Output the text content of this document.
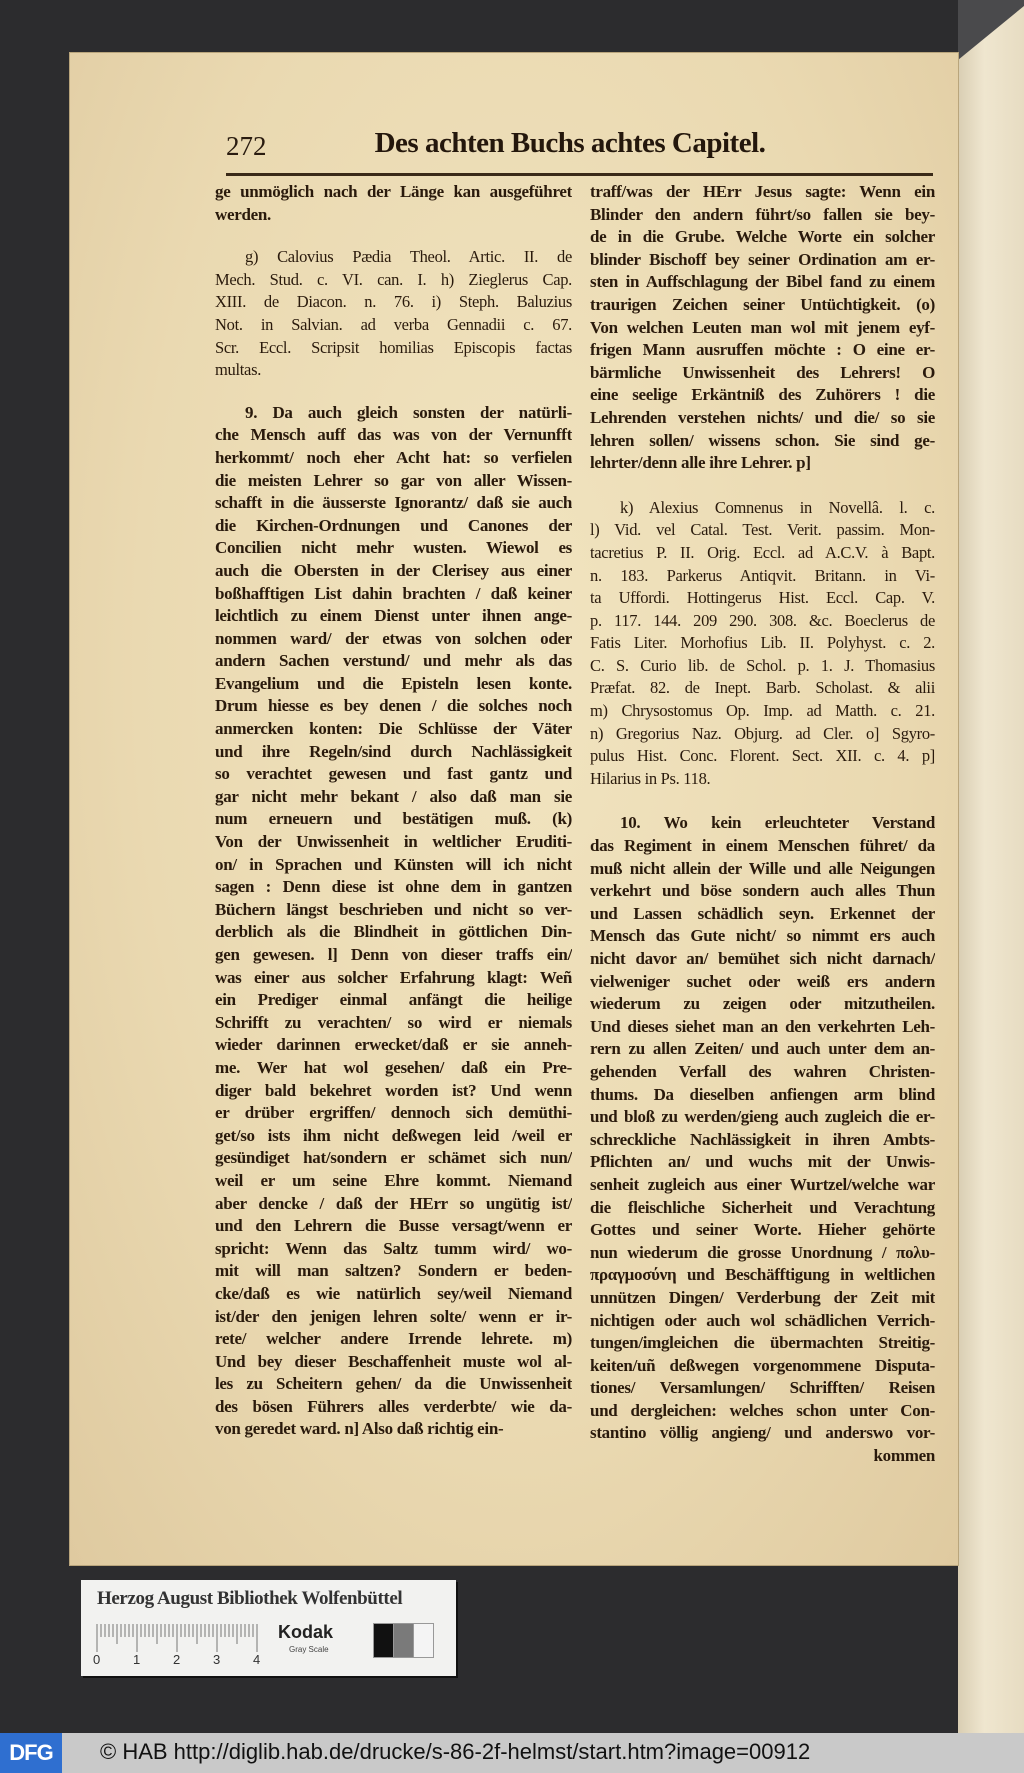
272	Des achten Buchs achtes Capitel.
ge unmöglich nach der Länge kan ausgeführet
werden.
g) Calovius Pædia Theol. Artic. II. de
Mech. Stud. c. VI. can. I. h) Zieglerus Cap.
XIII. de Diacon. n. 76. i) Steph. Baluzius
Not. in Salvian. ad verba Gennadii c. 67.
Scr. Eccl. Scripsit homilias Episcopis factas
multas.
9. Da auch gleich sonsten der natürli-
che Mensch auff das was von der Vernunfft
herkommt/ noch eher Acht hat: so verfielen
die meisten Lehrer so gar von aller Wissen-
schafft in die äusserste Ignorantz/ daß sie auch
die Kirchen-Ordnungen und Canones der
Concilien nicht mehr wusten. Wiewol es
auch die Obersten in der Clerisey aus einer
boßhafftigen List dahin brachten / daß keiner
leichtlich zu einem Dienst unter ihnen ange-
nommen ward/ der etwas von solchen oder
andern Sachen verstund/ und mehr als das
Evangelium und die Episteln lesen konte.
Drum hiesse es bey denen / die solches noch
anmercken konten: Die Schlüsse der Väter
und ihre Regeln/sind durch Nachlässigkeit
so verachtet gewesen und fast gantz und
gar nicht mehr bekant / also daß man sie
num erneuern und bestätigen muß. (k)
Von der Unwissenheit in weltlicher Eruditi-
on/ in Sprachen und Künsten will ich nicht
sagen : Denn diese ist ohne dem in gantzen
Büchern längst beschrieben und nicht so ver-
derblich als die Blindheit in göttlichen Din-
gen gewesen. l] Denn von dieser traffs ein/
was einer aus solcher Erfahrung klagt: Weñ
ein Prediger einmal anfängt die heilige
Schrifft zu verachten/ so wird er niemals
wieder darinnen erwecket/daß er sie anneh-
me. Wer hat wol gesehen/ daß ein Pre-
diger bald bekehret worden ist? Und wenn
er drüber ergriffen/ dennoch sich demüthi-
get/so ists ihm nicht deßwegen leid /weil er
gesündiget hat/sondern er schämet sich nun/
weil er um seine Ehre kommt. Niemand
aber dencke / daß der HErr so ungütig ist/
und den Lehrern die Busse versagt/wenn er
spricht: Wenn das Saltz tumm wird/ wo-
mit will man saltzen? Sondern er beden-
cke/daß es wie natürlich sey/weil Niemand
ist/der den jenigen lehren solte/ wenn er ir-
rete/ welcher andere Irrende lehrete. m)
Und bey dieser Beschaffenheit muste wol al-
les zu Scheitern gehen/ da die Unwissenheit
des bösen Führers alles verderbte/ wie da-
von geredet ward. n] Also daß richtig ein-
traff/was der HErr Jesus sagte: Wenn ein
Blinder den andern führt/so fallen sie bey-
de in die Grube. Welche Worte ein solcher
blinder Bischoff bey seiner Ordination am er-
sten in Auffschlagung der Bibel fand zu einem
traurigen Zeichen seiner Untüchtigkeit. (o)
Von welchen Leuten man wol mit jenem eyf-
frigen Mann ausruffen möchte : O eine er-
bärmliche Unwissenheit des Lehrers! O
eine seelige Erkäntniß des Zuhörers ! die
Lehrenden verstehen nichts/ und die/ so sie
lehren sollen/ wissens schon. Sie sind ge-
lehrter/denn alle ihre Lehrer. p]
k) Alexius Comnenus in Novellâ. l. c.
l) Vid. vel Catal. Test. Verit. passim. Mon-
tacretius P. II. Orig. Eccl. ad A.C.V. à Bapt.
n. 183. Parkerus Antiqvit. Britann. in Vi-
ta Uffordi. Hottingerus Hist. Eccl. Cap. V.
p. 117. 144. 209 290. 308. &c. Boeclerus de
Fatis Liter. Morhofius Lib. II. Polyhyst. c. 2.
C. S. Curio lib. de Schol. p. 1. J. Thomasius
Præfat. 82. de Inept. Barb. Scholast. & alii
m) Chrysostomus Op. Imp. ad Matth. c. 21.
n) Gregorius Naz. Objurg. ad Cler. o] Sgyro-
pulus Hist. Conc. Florent. Sect. XII. c. 4. p]
Hilarius in Ps. 118.
10. Wo kein erleuchteter Verstand
das Regiment in einem Menschen führet/ da
muß nicht allein der Wille und alle Neigungen
verkehrt und böse sondern auch alles Thun
und Lassen schädlich seyn. Erkennet der
Mensch das Gute nicht/ so nimmt ers auch
nicht davor an/ bemühet sich nicht darnach/
vielweniger suchet oder weiß ers andern
wiederum zu zeigen oder mitzutheilen.
Und dieses siehet man an den verkehrten Leh-
rern zu allen Zeiten/ und auch unter dem an-
gehenden Verfall des wahren Christen-
thums. Da dieselben anfiengen arm blind
und bloß zu werden/gieng auch zugleich die er-
schreckliche Nachlässigkeit in ihren Ambts-
Pflichten an/ und wuchs mit der Unwis-
senheit zugleich aus einer Wurtzel/welche war
die fleischliche Sicherheit und Verachtung
Gottes und seiner Worte. Hieher gehörte
nun wiederum die grosse Unordnung / πολυ-
πραγμοσύνη und Beschäfftigung in weltlichen
unnützen Dingen/ Verderbung der Zeit mit
nichtigen oder auch wol schädlichen Verrich-
tungen/imgleichen die übermachten Streitig-
keiten/uñ deßwegen vorgenommene Disputa-
tiones/ Versamlungen/ Schrifften/ Reisen
und dergleichen: welches schon unter Con-
stantino völlig angieng/ und anderswo vor-
kommen
Herzog August Bibliothek Wolfenbüttel
0	1	2	3	4
Kodak
Gray Scale
DFG	© HAB http://diglib.hab.de/drucke/s-86-2f-helmst/start.htm?image=00912
